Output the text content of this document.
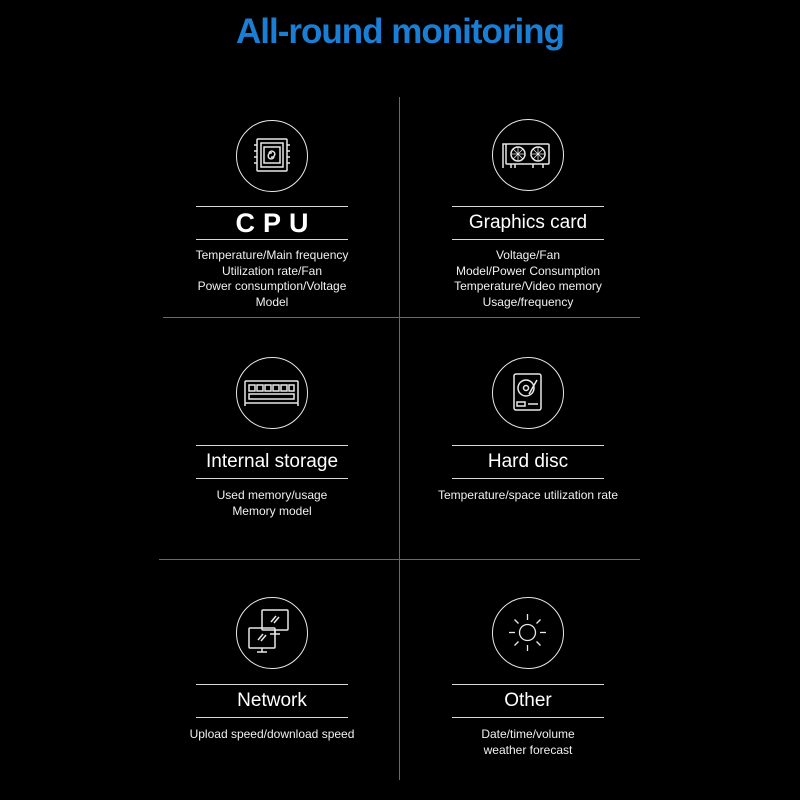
All-round monitoring
CPU
Temperature/Main frequency
Utilization rate/Fan
Power consumption/Voltage
Model
Graphics card
Voltage/Fan
Model/Power Consumption
Temperature/Video memory
Usage/frequency
Internal storage
Used memory/usage
Memory model
Hard disc
Temperature/space utilization rate
Network
Upload speed/download speed
Other
Date/time/volume
weather forecast
